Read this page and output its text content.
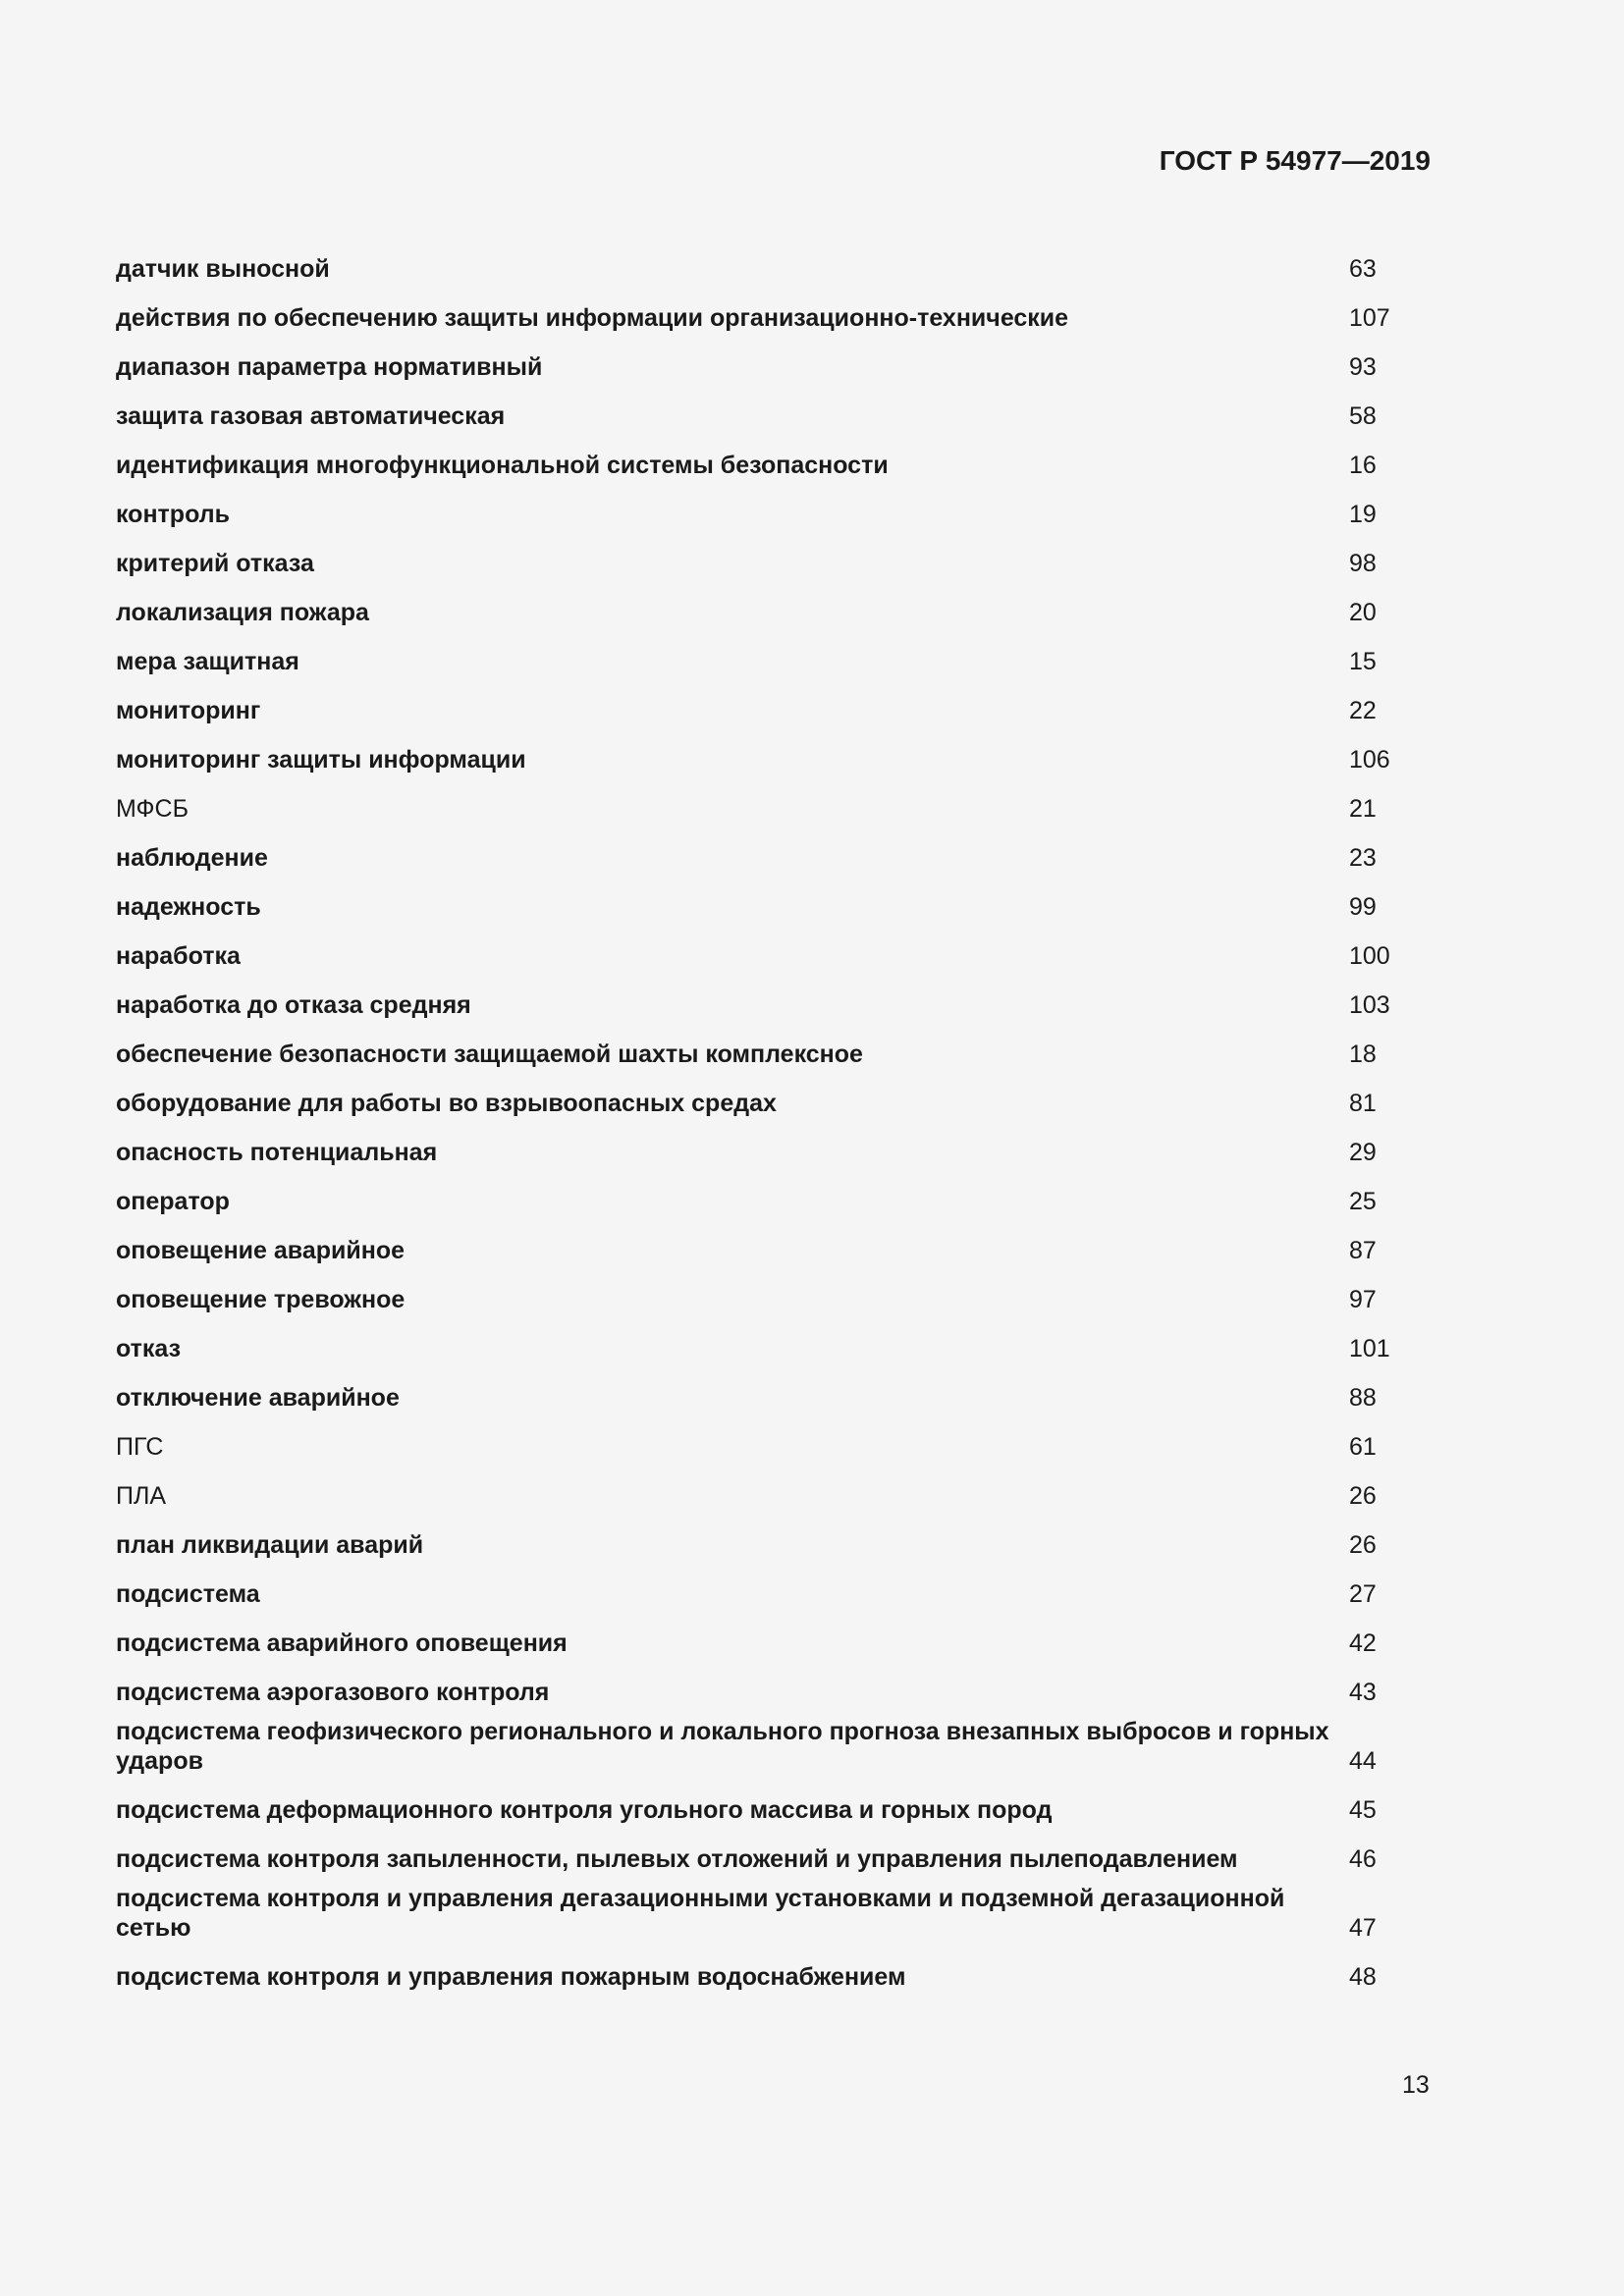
ГОСТ Р 54977—2019
датчик выносной	63
действия по обеспечению защиты информации организационно-технические	107
диапазон параметра нормативный	93
защита газовая автоматическая	58
идентификация многофункциональной системы безопасности	16
контроль	19
критерий отказа	98
локализация пожара	20
мера защитная	15
мониторинг	22
мониторинг защиты информации	106
МФСБ	21
наблюдение	23
надежность	99
наработка	100
наработка до отказа средняя	103
обеспечение безопасности защищаемой шахты комплексное	18
оборудование для работы во взрывоопасных средах	81
опасность потенциальная	29
оператор	25
оповещение аварийное	87
оповещение тревожное	97
отказ	101
отключение аварийное	88
ПГС	61
ПЛА	26
план ликвидации аварий	26
подсистема	27
подсистема аварийного оповещения	42
подсистема аэрогазового контроля	43
подсистема геофизического регионального и локального прогноза внезапных выбросов и горных ударов	44
подсистема деформационного контроля угольного массива и горных пород	45
подсистема контроля запыленности, пылевых отложений и управления пылеподавлением	46
подсистема контроля и управления дегазационными установками и подземной дегазационной сетью	47
подсистема контроля и управления пожарным водоснабжением	48
13
